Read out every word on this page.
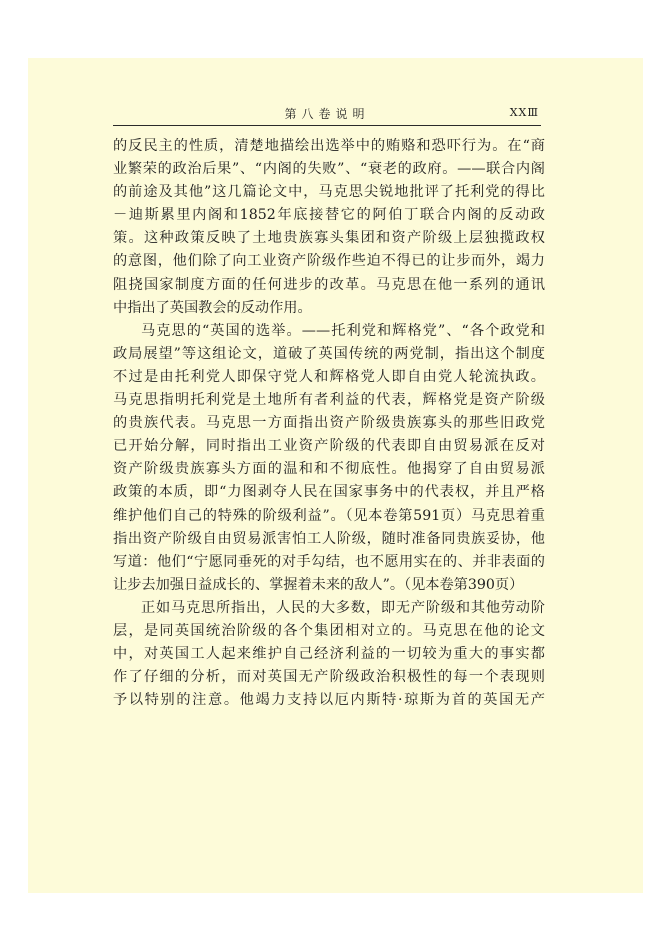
第八卷说明	XXⅢ
的反民主的性质，清楚地描绘出选举中的贿赂和恐吓行为。在“商
业繁荣的政治后果”、“内阁的失败”、“衰老的政府。——联合内阁
的前途及其他”这几篇论文中，马克思尖锐地批评了托利党的得比
－迪斯累里内阁和1852年底接替它的阿伯丁联合内阁的反动政
策。这种政策反映了土地贵族寡头集团和资产阶级上层独揽政权
的意图，他们除了向工业资产阶级作些迫不得已的让步而外，竭力
阻挠国家制度方面的任何进步的改革。马克思在他一系列的通讯
中指出了英国教会的反动作用。
马克思的“英国的选举。——托利党和辉格党”、“各个政党和
政局展望”等这组论文，道破了英国传统的两党制，指出这个制度
不过是由托利党人即保守党人和辉格党人即自由党人轮流执政。
马克思指明托利党是土地所有者利益的代表，辉格党是资产阶级
的贵族代表。马克思一方面指出资产阶级贵族寡头的那些旧政党
已开始分解，同时指出工业资产阶级的代表即自由贸易派在反对
资产阶级贵族寡头方面的温和和不彻底性。他揭穿了自由贸易派
政策的本质，即“力图剥夺人民在国家事务中的代表权，并且严格
维护他们自己的特殊的阶级利益”。（见本卷第591页）马克思着重
指出资产阶级自由贸易派害怕工人阶级，随时准备同贵族妥协，他
写道：他们“宁愿同垂死的对手勾结，也不愿用实在的、并非表面的
让步去加强日益成长的、掌握着未来的敌人”。（见本卷第390页）
正如马克思所指出，人民的大多数，即无产阶级和其他劳动阶
层，是同英国统治阶级的各个集团相对立的。马克思在他的论文
中，对英国工人起来维护自己经济利益的一切较为重大的事实都
作了仔细的分析，而对英国无产阶级政治积极性的每一个表现则
予以特别的注意。他竭力支持以厄内斯特·琼斯为首的英国无产
